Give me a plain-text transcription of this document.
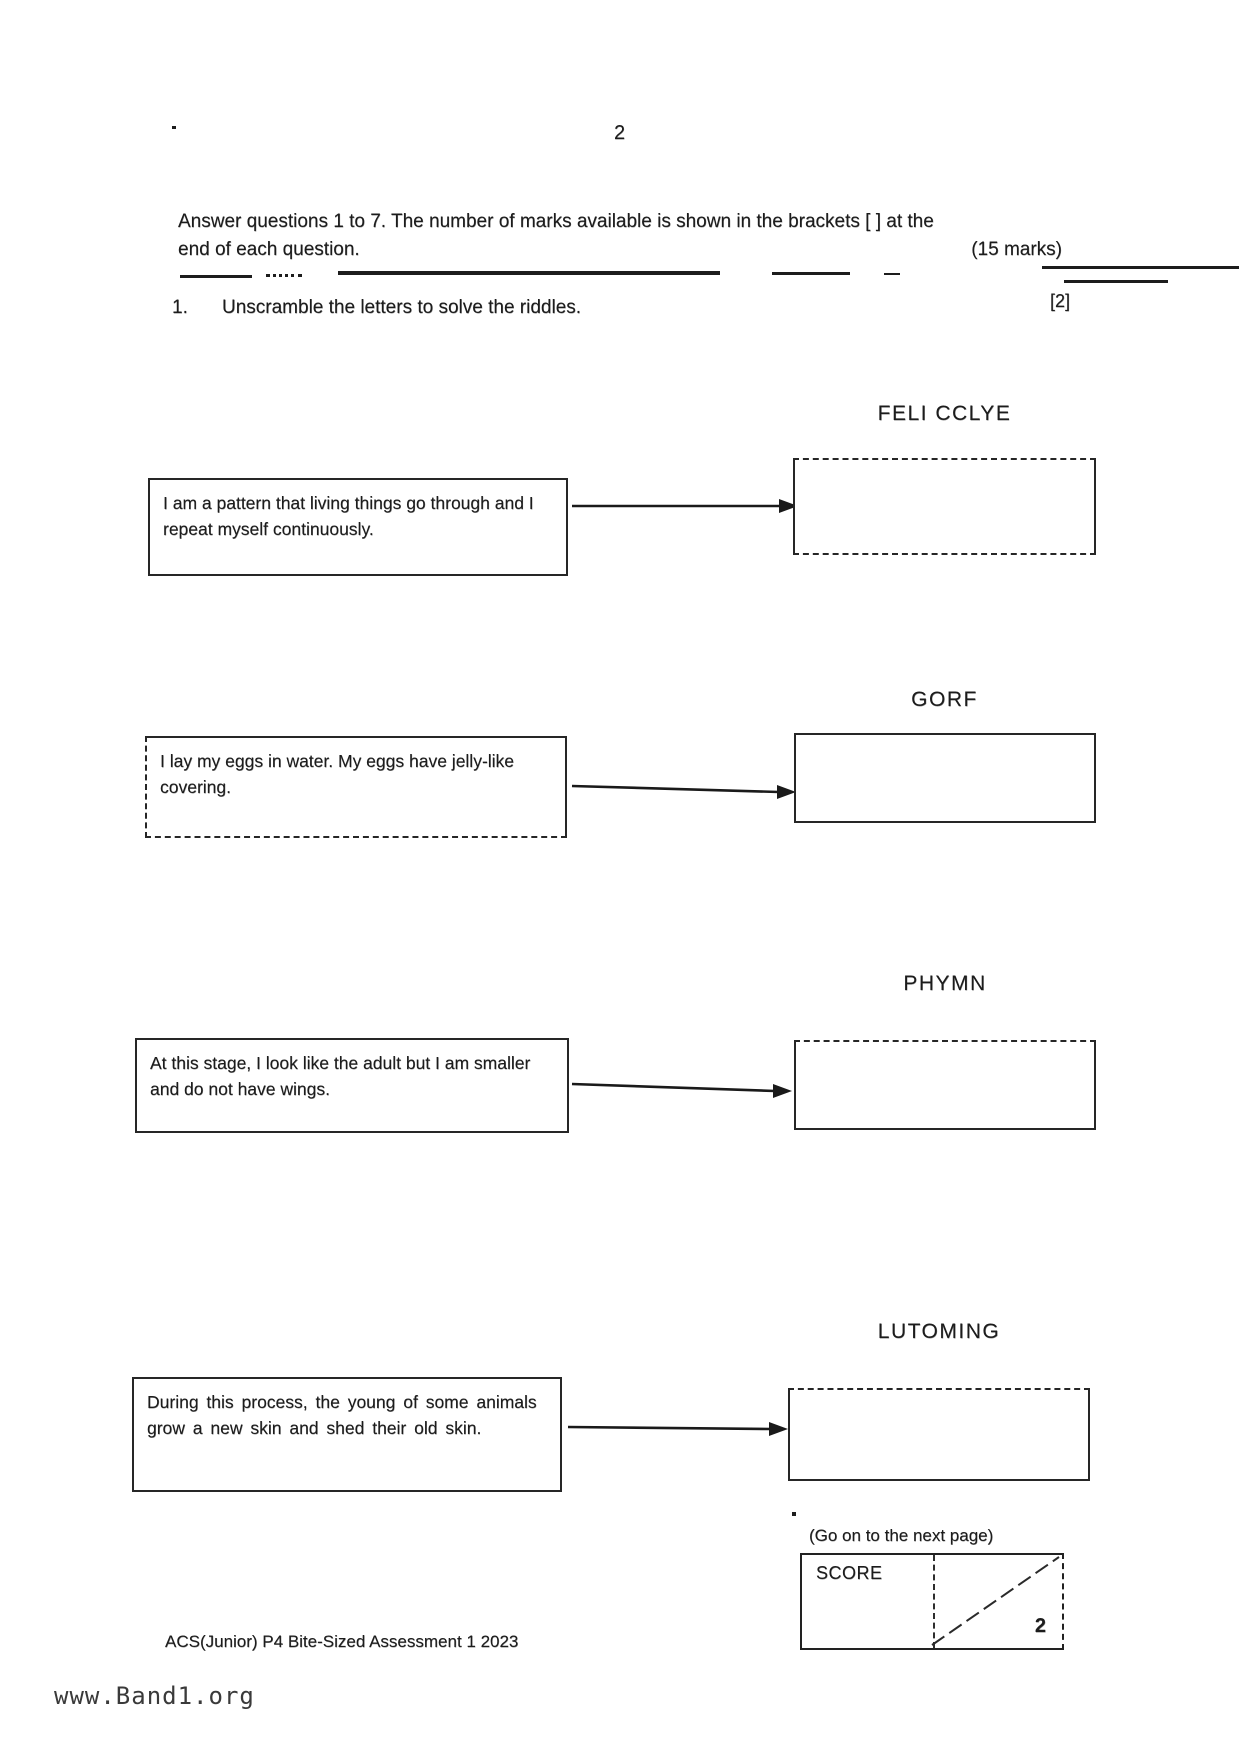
2
Answer questions 1 to 7. The number of marks available is shown in the brackets [ ] at the
end of each question.	(15 marks)
1. Unscramble the letters to solve the riddles.	[2]
FELI CCLYE
I am a pattern that living things go through and I repeat myself continuously.
GORF
I lay my eggs in water. My eggs have jelly-like covering.
PHYMN
At this stage, I look like the adult but I am smaller and do not have wings.
LUTOMING
During this process, the young of some animals grow a new skin and shed their old skin.
(Go on to the next page)
SCORE
2
ACS(Junior) P4 Bite-Sized Assessment 1 2023
www.Band1.org
